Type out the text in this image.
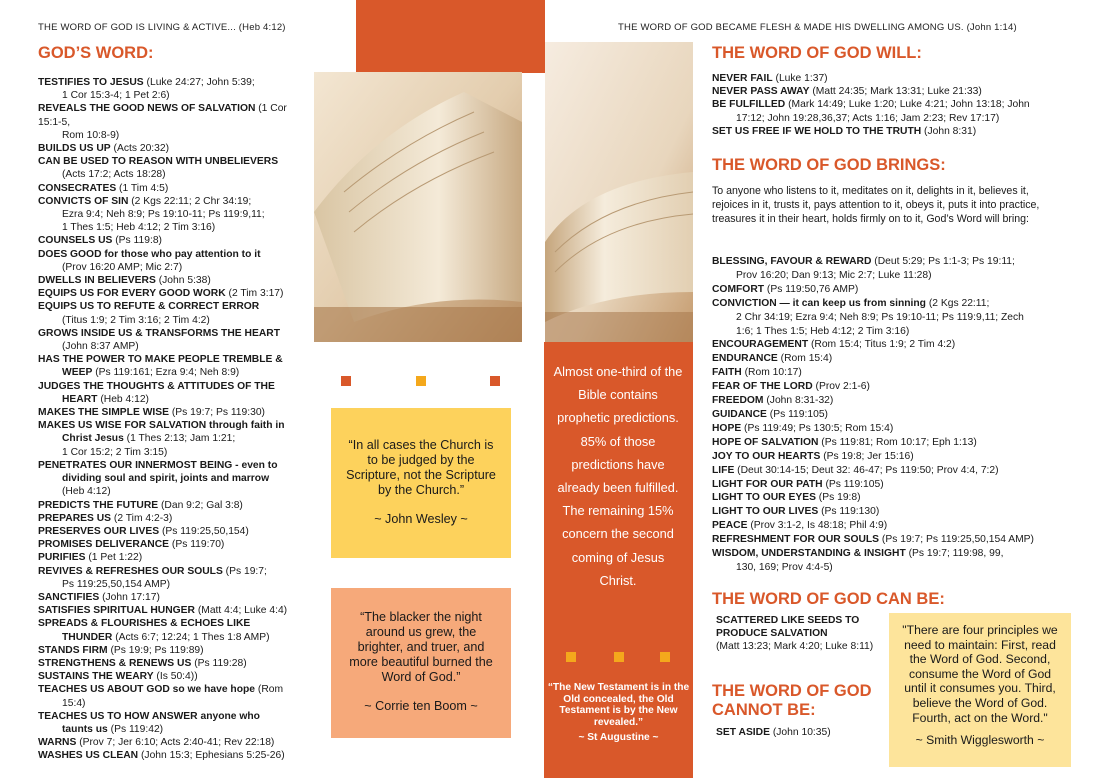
THE WORD OF GOD IS LIVING & ACTIVE... (Heb 4:12)	THE WORD OF GOD BECAME FLESH & MADE HIS DWELLING AMONG US. (John 1:14)
GOD’S WORD:
TESTIFIES TO JESUS (Luke 24:27; John 5:39;
1 Cor 15:3-4; 1 Pet 2:6)
REVEALS THE GOOD NEWS OF SALVATION (1 Cor 15:1-5,
Rom 10:8-9)
BUILDS US UP (Acts 20:32)
CAN BE USED TO REASON WITH UNBELIEVERS
(Acts 17:2; Acts 18:28)
CONSECRATES (1 Tim 4:5)
CONVICTS OF SIN (2 Kgs 22:11; 2 Chr 34:19;
Ezra 9:4; Neh 8:9; Ps 19:10-11; Ps 119:9,11;
1 Thes 1:5; Heb 4:12; 2 Tim 3:16)
COUNSELS US (Ps 119:8)
DOES GOOD for those who pay attention to it
(Prov 16:20 AMP; Mic 2:7)
DWELLS IN BELIEVERS (John 5:38)
EQUIPS US FOR EVERY GOOD WORK (2 Tim 3:17)
EQUIPS US TO REFUTE & CORRECT ERROR
(Titus 1:9; 2 Tim 3:16; 2 Tim 4:2)
GROWS INSIDE US & TRANSFORMS THE HEART
(John 8:37 AMP)
HAS THE POWER TO MAKE PEOPLE TREMBLE &
WEEP (Ps 119:161; Ezra 9:4; Neh 8:9)
JUDGES THE THOUGHTS & ATTITUDES OF THE
HEART (Heb 4:12)
MAKES THE SIMPLE WISE (Ps 19:7; Ps 119:30)
MAKES US WISE FOR SALVATION through faith in
Christ Jesus (1 Thes 2:13; Jam 1:21;
1 Cor 15:2; 2 Tim 3:15)
PENETRATES OUR INNERMOST BEING - even to
dividing soul and spirit, joints and marrow
(Heb 4:12)
PREDICTS THE FUTURE (Dan 9:2; Gal 3:8)
PREPARES US (2 Tim 4:2-3)
PRESERVES OUR LIVES (Ps 119:25,50,154)
PROMISES DELIVERANCE (Ps 119:70)
PURIFIES (1 Pet 1:22)
REVIVES & REFRESHES OUR SOULS (Ps 19:7;
Ps 119:25,50,154 AMP)
SANCTIFIES (John 17:17)
SATISFIES SPIRITUAL HUNGER (Matt 4:4; Luke 4:4)
SPREADS & FLOURISHES & ECHOES LIKE
THUNDER (Acts 6:7; 12:24; 1 Thes 1:8 AMP)
STANDS FIRM (Ps 19:9; Ps 119:89)
STRENGTHENS & RENEWS US (Ps 119:28)
SUSTAINS THE WEARY (Is 50:4))
TEACHES US ABOUT GOD so we have hope (Rom
15:4)
TEACHES US TO HOW ANSWER anyone who
taunts us (Ps 119:42)
WARNS (Prov 7; Jer 6:10; Acts 2:40-41; Rev 22:18)
WASHES US CLEAN (John 15:3; Ephesians 5:25-26)
“In all cases the Church is to be judged by the Scripture, not the Scripture by the Church.”
~ John Wesley ~
“The blacker the night around us grew, the brighter, and truer, and more beautiful burned the Word of God.”
~ Corrie ten Boom ~
Almost one-third of the Bible contains prophetic predictions. 85% of those predictions have already been fulfilled. The remaining 15% concern the second coming of Jesus Christ.
“The New Testament is in the Old concealed, the Old Testament is by the New revealed.”
~ St Augustine ~
THE WORD OF GOD WILL:
NEVER FAIL (Luke 1:37)
NEVER PASS AWAY (Matt 24:35; Mark 13:31; Luke 21:33)
BE FULFILLED (Mark 14:49; Luke 1:20; Luke 4:21; John 13:18; John
17:12; John 19:28,36,37; Acts 1:16; Jam 2:23; Rev 17:17)
SET US FREE IF WE HOLD TO THE TRUTH (John 8:31)
THE WORD OF GOD BRINGS:
To anyone who listens to it, meditates on it, delights in it, believes it, rejoices in it, trusts it, pays attention to it, obeys it, puts it into practice, treasures it in their heart, holds firmly on to it, God’s Word will bring:
BLESSING, FAVOUR & REWARD (Deut 5:29; Ps 1:1-3; Ps 19:11;
Prov 16:20; Dan 9:13; Mic 2:7; Luke 11:28)
COMFORT (Ps 119:50,76 AMP)
CONVICTION — it can keep us from sinning (2 Kgs 22:11;
2 Chr 34:19; Ezra 9:4; Neh 8:9; Ps 19:10-11; Ps 119:9,11; Zech
1:6; 1 Thes 1:5; Heb 4:12; 2 Tim 3:16)
ENCOURAGEMENT (Rom 15:4; Titus 1:9; 2 Tim 4:2)
ENDURANCE (Rom 15:4)
FAITH (Rom 10:17)
FEAR OF THE LORD (Prov 2:1-6)
FREEDOM (John 8:31-32)
GUIDANCE (Ps 119:105)
HOPE (Ps 119:49; Ps 130:5; Rom 15:4)
HOPE OF SALVATION (Ps 119:81; Rom 10:17; Eph 1:13)
JOY TO OUR HEARTS (Ps 19:8; Jer 15:16)
LIFE (Deut 30:14-15; Deut 32: 46-47; Ps 119:50; Prov 4:4, 7:2)
LIGHT FOR OUR PATH (Ps 119:105)
LIGHT TO OUR EYES (Ps 19:8)
LIGHT TO OUR LIVES (Ps 119:130)
PEACE (Prov 3:1-2, Is 48:18; Phil 4:9)
REFRESHMENT FOR OUR SOULS (Ps 19:7; Ps 119:25,50,154 AMP)
WISDOM, UNDERSTANDING & INSIGHT (Ps 19:7; 119:98, 99,
130, 169; Prov 4:4-5)
THE WORD OF GOD CAN BE:
SCATTERED LIKE SEEDS TO PRODUCE SALVATION
(Matt 13:23; Mark 4:20; Luke 8:11)
THE WORD OF GOD CANNOT BE:
SET ASIDE (John 10:35)
"There are four principles we need to maintain: First, read the Word of God. Second, consume the Word of God until it consumes you. Third, believe the Word of God. Fourth, act on the Word."
~ Smith Wigglesworth ~
